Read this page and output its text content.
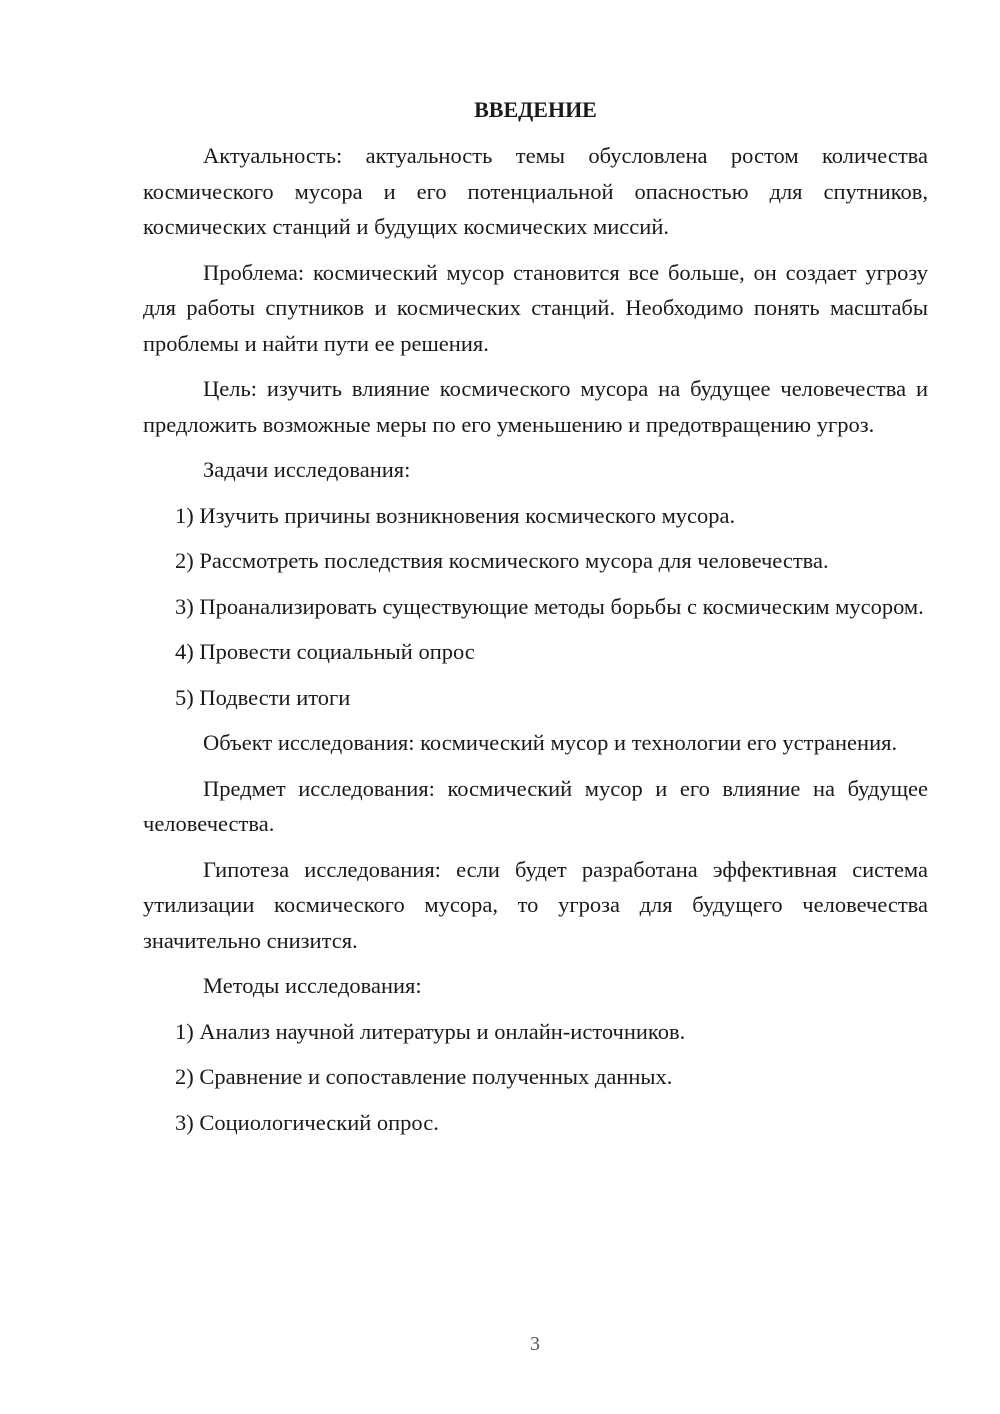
ВВЕДЕНИЕ

Актуальность: актуальность темы обусловлена ростом количества космического мусора и его потенциальной опасностью для спутников, космических станций и будущих космических миссий.

Проблема: космический мусор становится все больше, он создает угрозу для работы спутников и космических станций. Необходимо понять масштабы проблемы и найти пути ее решения.

Цель: изучить влияние космического мусора на будущее человечества и предложить возможные меры по его уменьшению и предотвращению угроз.

Задачи исследования:

1) Изучить причины возникновения космического мусора.

2) Рассмотреть последствия космического мусора для человечества.

3) Проанализировать существующие методы борьбы с космическим мусором.

4) Провести социальный опрос

5) Подвести итоги

Объект исследования: космический мусор и технологии его устранения.

Предмет исследования: космический мусор и его влияние на будущее человечества.

Гипотеза исследования: если будет разработана эффективная система утилизации космического мусора, то угроза для будущего человечества значительно снизится.

Методы исследования:

1) Анализ научной литературы и онлайн-источников.

2) Сравнение и сопоставление полученных данных.

3) Социологический опрос.

3
